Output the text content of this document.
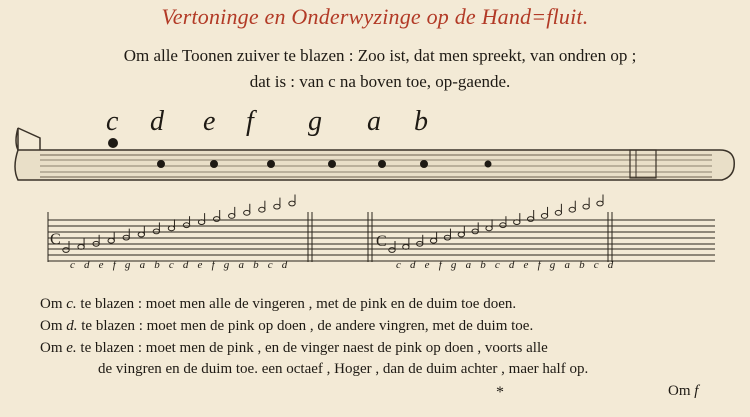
Vertoninge en Onderwyzinge op de Hand=fluit.
Om alle Toonen zuiver te blazen : Zoo ist, dat men spreekt, van ondren op ;
dat is : van c na boven toe, op-gaende.
c d e f g a b
C	C
c d e f g a b c d e f g a b c d	c d e f g a b c d e f g a b c d
Om c. te blazen : moet men alle de vingeren , met de pink en de duim toe doen.
Om d. te blazen : moet men de pink op doen , de andere vingren, met de duim toe.
Om e. te blazen : moet men de pink , en de vinger naest de pink op doen , voorts alle
de vingren en de duim toe. een octaef , Hoger , dan de duim achter , maer half op.
*	Om f
